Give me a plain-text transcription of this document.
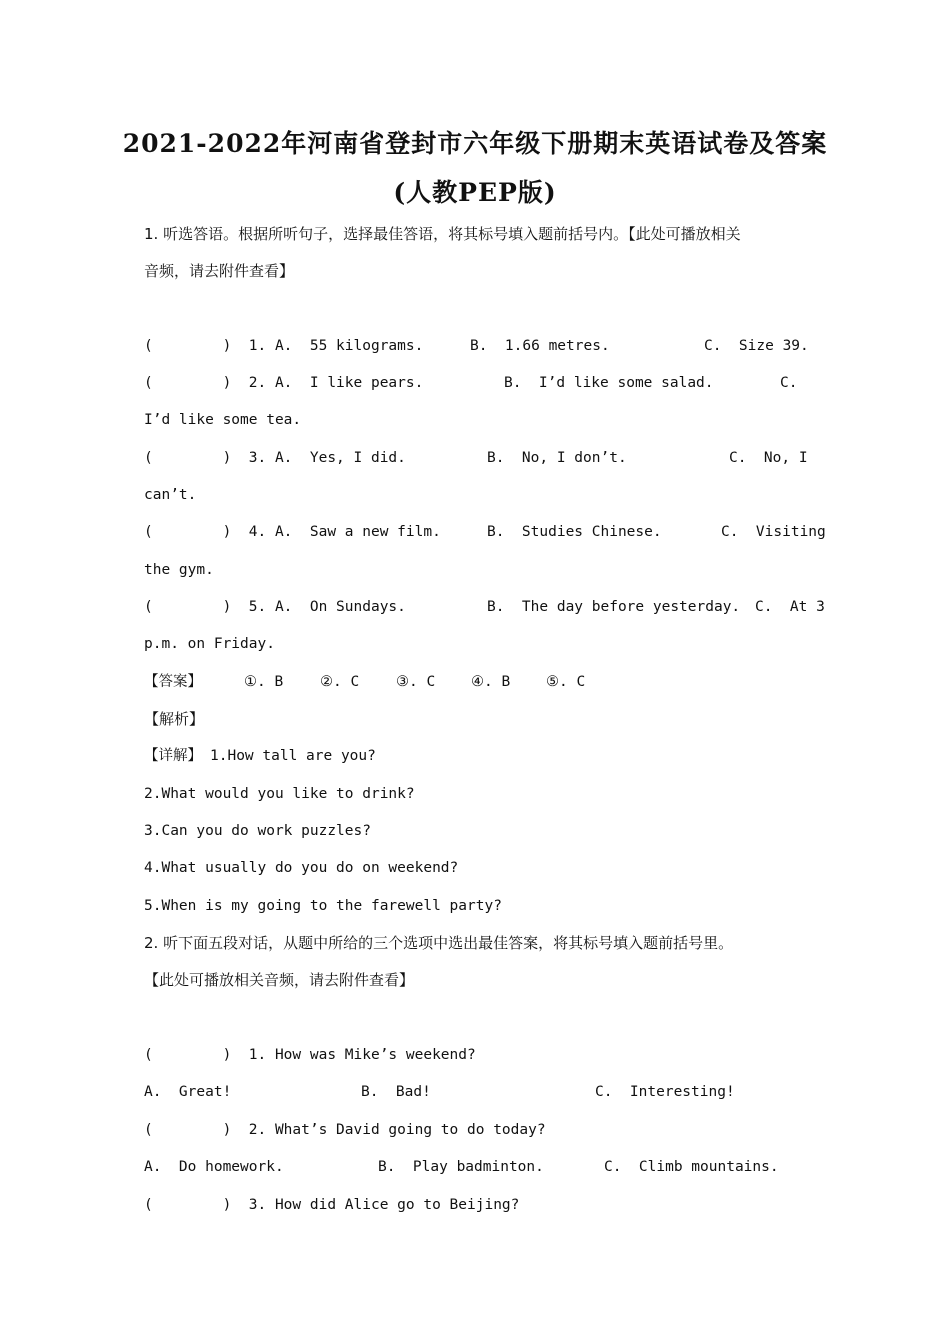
2021-2022年河南省登封市六年级下册期末英语试卷及答案
(人教PEP版)
1. 听选答语。根据所听句子，选择最佳答语，将其标号填入题前括号内。【此处可播放相关
音频，请去附件查看】
(        )  1. A.  55 kilograms.	B.  1.66 metres.	C.  Size 39.
(        )  2. A.  I like pears.	B.  I’d like some salad.	C.
I’d like some tea.
(        )  3. A.  Yes, I did.	B.  No, I don’t.	C.  No, I
can’t.
(        )  4. A.  Saw a new film.	B.  Studies Chinese.	C.  Visiting
the gym.
(        )  5. A.  On Sundays.	B.  The day before yesterday. C.  At 3
p.m. on Friday.
【答案】	①. B	②. C	③. C ④. B ⑤. C
【解析】
【详解】 1.How tall are you?
2.What would you like to drink?
3.Can you do work puzzles?
4.What usually do you do on weekend?
5.When is my going to the farewell party?
2. 听下面五段对话，从题中所给的三个选项中选出最佳答案，将其标号填入题前括号里。
【此处可播放相关音频，请去附件查看】
(        )  1. How was Mike’s weekend?
A.  Great!	B.  Bad!	C.  Interesting!
(        )  2. What’s David going to do today?
A.  Do homework.	B.  Play badminton.	C.  Climb mountains.
(        )  3. How did Alice go to Beijing?
